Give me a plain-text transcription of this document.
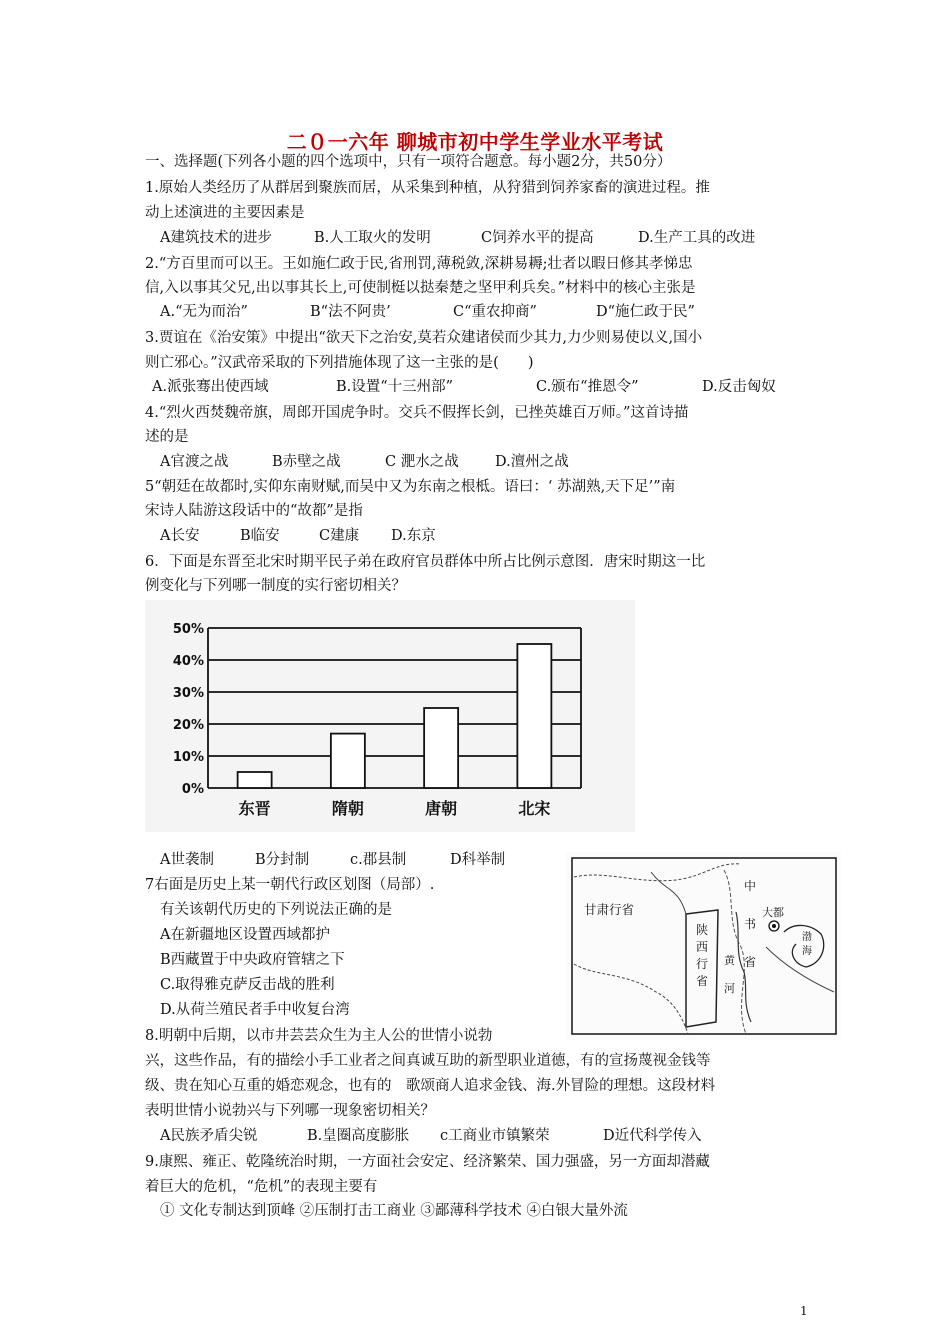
二０一六年 聊城市初中学生学业水平考试
一、选择题(下列各小题的四个选项中，只有一项符合题意。每小题2分，共50分）
1.原始人类经历了从群居到聚族而居，从采集到种植，从狩猎到饲养家畜的演进过程。推
动上述演进的主要因素是
A建筑技术的进步	B.人工取火的发明	C饲养水平的提高	D.生产工具的改进
2.“方百里而可以王。王如施仁政于民,省刑罚,薄税敛,深耕易耨;壮者以暇日修其孝悌忠
信,入以事其父兄,出以事其长上,可使制梃以挞秦楚之坚甲利兵矣。”材料中的核心主张是
A.“无为而治”	B“法不阿贵’	C“重农抑商”	D“施仁政于民”
3.贾谊在《治安策》中提出“欲天下之治安,莫若众建诸侯而少其力,力少则易使以义,国小
则亡邪心。”汉武帝采取的下列措施体现了这一主张的是(　　)
A.派张骞出使西域	B.设置“十三州部”	C.颁布“推恩令”	D.反击匈奴
4.“烈火西焚魏帝旗，周郎开国虎争时。交兵不假挥长剑，已挫英雄百万师。”这首诗描
述的是
A官渡之战	B赤壁之战	C 淝水之战	D.澶州之战
5“朝廷在故都时,实仰东南财赋,而吴中又为东南之根柢。语曰：‘ 苏湖熟,天下足’”南
宋诗人陆游这段话中的“故都”是指
A长安	B临安	C建康 D.东京
6．下面是东晋至北宋时期平民子弟在政府官员群体中所占比例示意图．唐宋时期这一比
例变化与下列哪一制度的实行密切相关？
0%
10%
20%
30%
40%
50%
东晋	隋朝	唐朝	北宋
A世袭制	B分封制	c.郡县制	D科举制
7右面是历史上某一朝代行政区划图（局部）.
有关该朝代历史的下列说法正确的是
A在新疆地区设置西域都护
B西藏置于中央政府管辖之下
C.取得雅克萨反击战的胜利
D.从荷兰殖民者手中收复台湾
甘肃行省
陕西行省
中书省
大都
黄河
渤海
8.明朝中后期，以市井芸芸众生为主人公的世情小说勃
兴，这些作品，有的描绘小手工业者之间真诚互助的新型职业道德，有的宣扬蔑视金钱等
级、贵在知心互重的婚恋观念，也有的　歌颂商人追求金钱、海.外冒险的理想。这段材料
表明世情小说勃兴与下列哪一现象密切相关？
A民族矛盾尖锐	B.皇圈高度膨胀 c工商业市镇繁荣	D近代科学传入
9.康熙、雍正、乾隆统治时期，一方面社会安定、经济繁荣、国力强盛，另一方面却潜藏
着巨大的危机，“危机”的表现主要有
① 文化专制达到顶峰 ②压制打击工商业 ③鄙薄科学技术 ④白银大量外流
1
